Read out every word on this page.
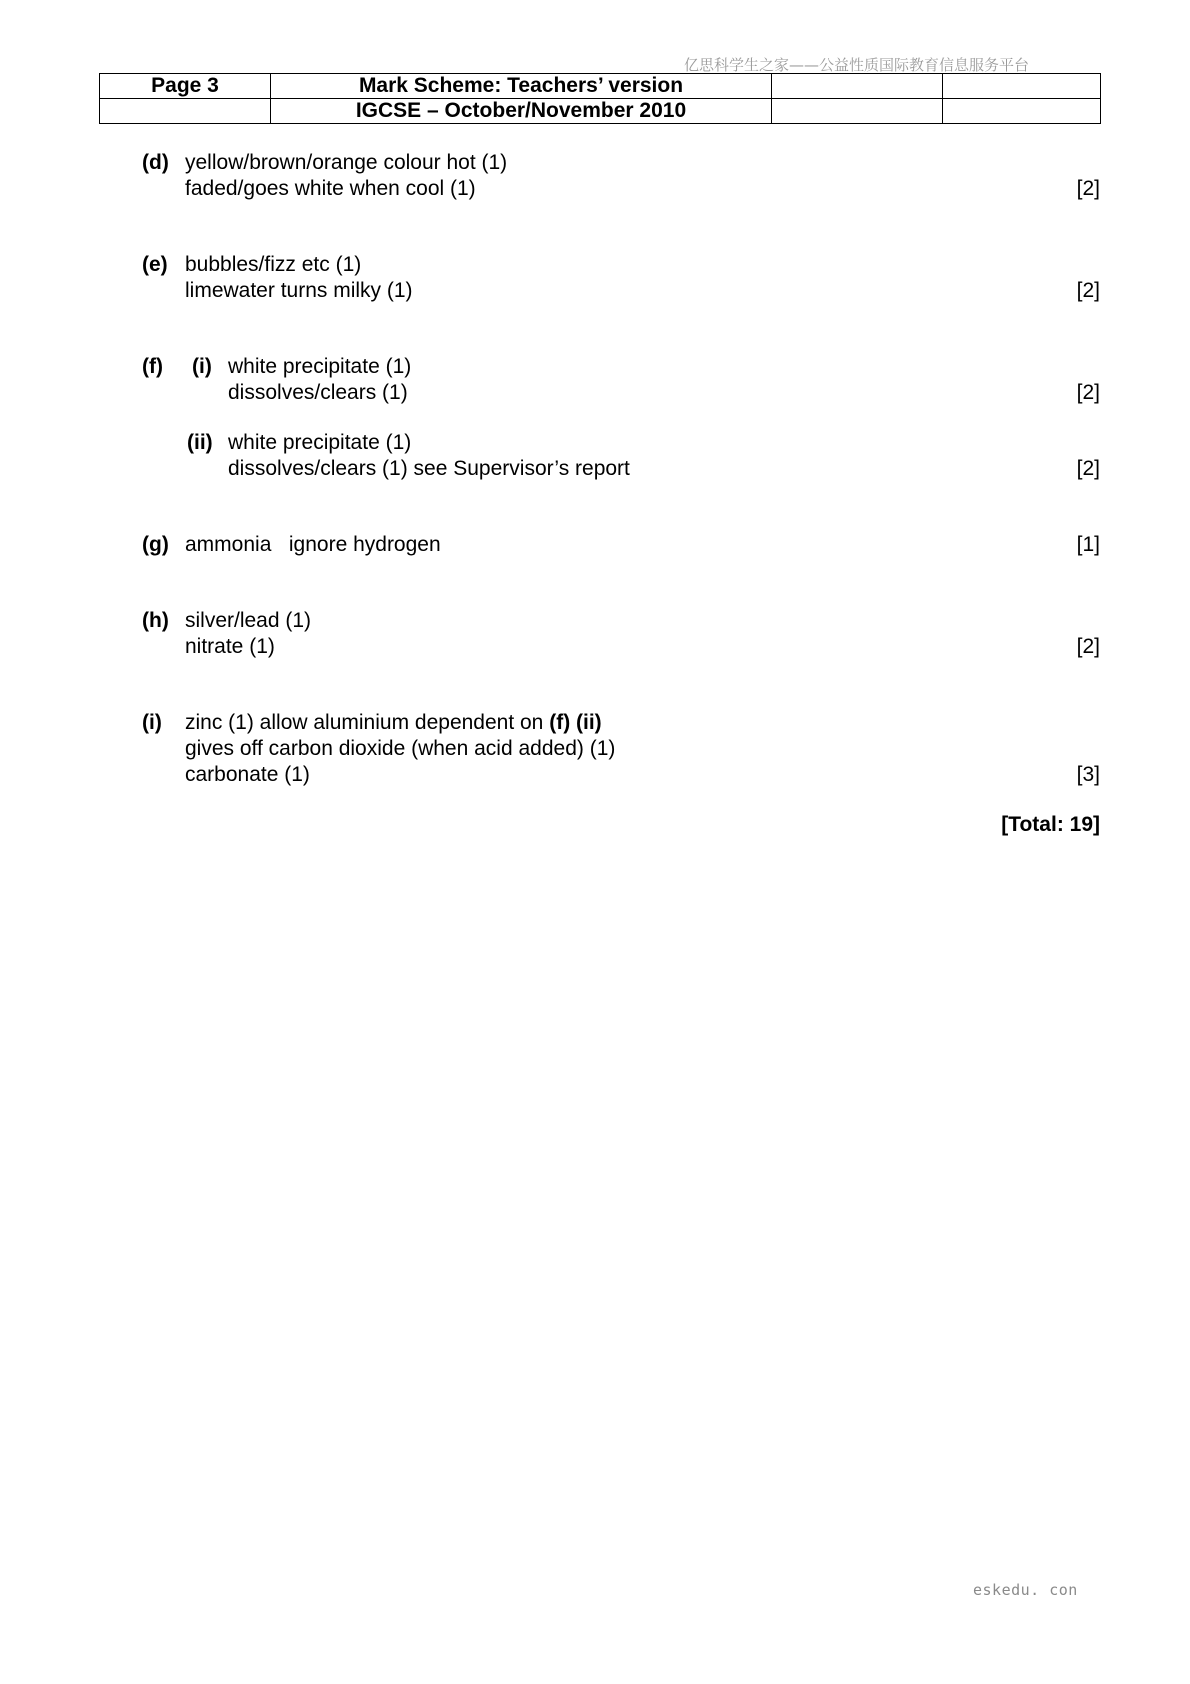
亿思科学生之家——公益性质国际教育信息服务平台
Page 3	Mark Scheme: Teachers’ version		
	IGCSE – October/November 2010		
(d) yellow/brown/orange colour hot (1)
faded/goes white when cool (1)	[2]
(e) bubbles/fizz etc (1)
limewater turns milky (1)	[2]
(f) (i) white precipitate (1)
dissolves/clears (1)	[2]
(ii) white precipitate (1)
dissolves/clears (1) see Supervisor’s report	[2]
(g) ammonia   ignore hydrogen	[1]
(h) silver/lead (1)
nitrate (1)	[2]
(i) zinc (1) allow aluminium dependent on (f) (ii)
gives off carbon dioxide (when acid added) (1)
carbonate (1)	[3]
[Total: 19]
eskedu. con
